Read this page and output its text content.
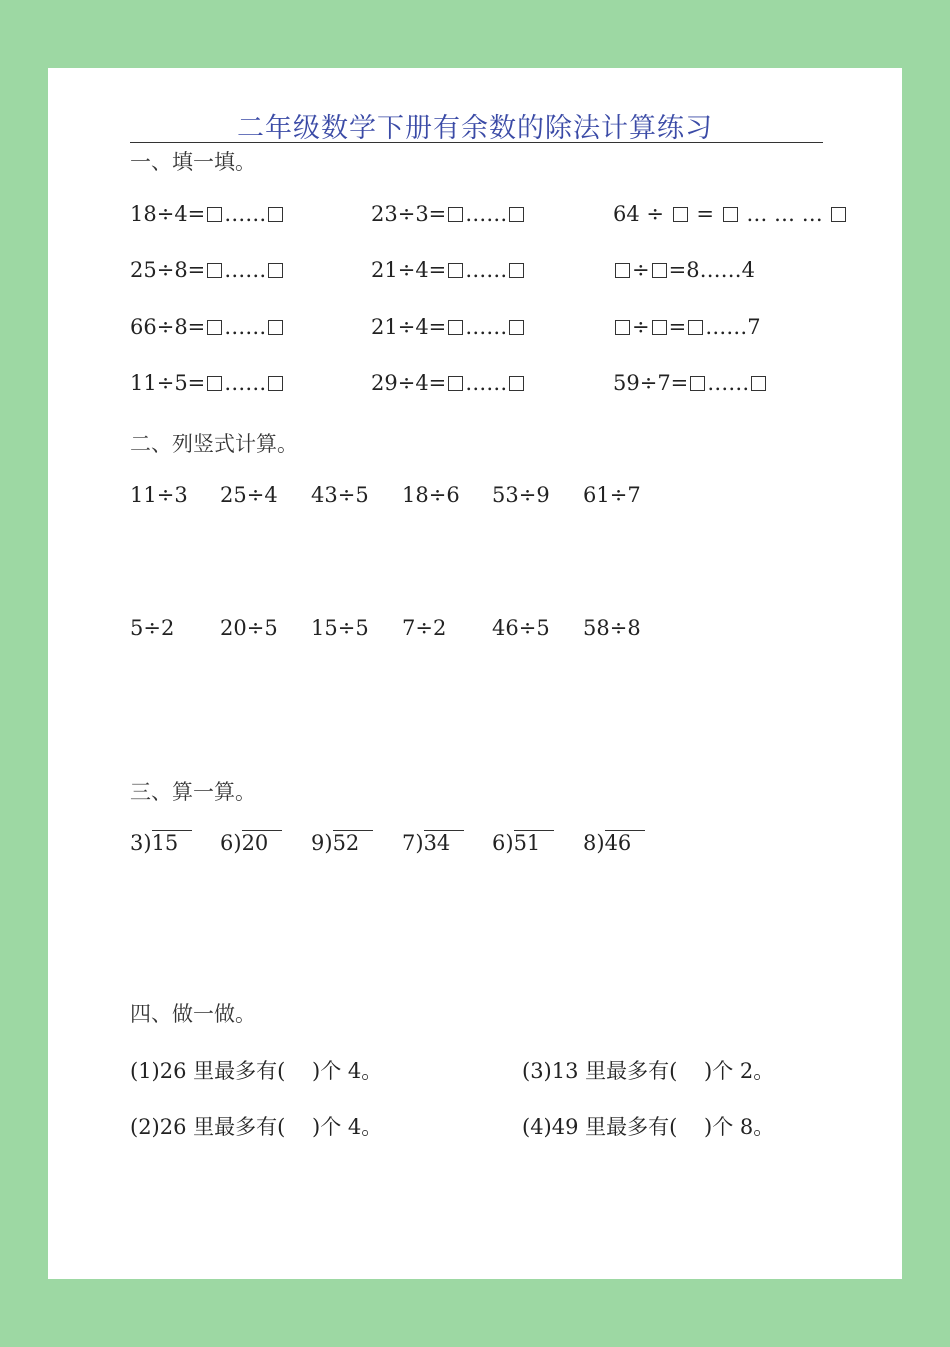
二年级数学下册有余数的除法计算练习
一、填一填。
18÷4= ……	23÷3= ……	64 ÷ = … … …
25÷8= ……	21÷4= ……	÷ =8……4
66÷8= ……	21÷4= ……	÷ = ……7
11÷5= ……	29÷4= ……	59÷7= ……
二、列竖式计算。
11÷3 25÷4 43÷5 18÷6 53÷9 61÷7
5÷2 20÷5 15÷5 7÷2 46÷5 58÷8
三、算一算。
3)15	6)20	9)52	7)34	6)51	8)46
四、做一做。
(1)26 里最多有(    )个 4。	(3)13 里最多有(    )个 2。
(2)26 里最多有(    )个 4。	(4)49 里最多有(    )个 8。
